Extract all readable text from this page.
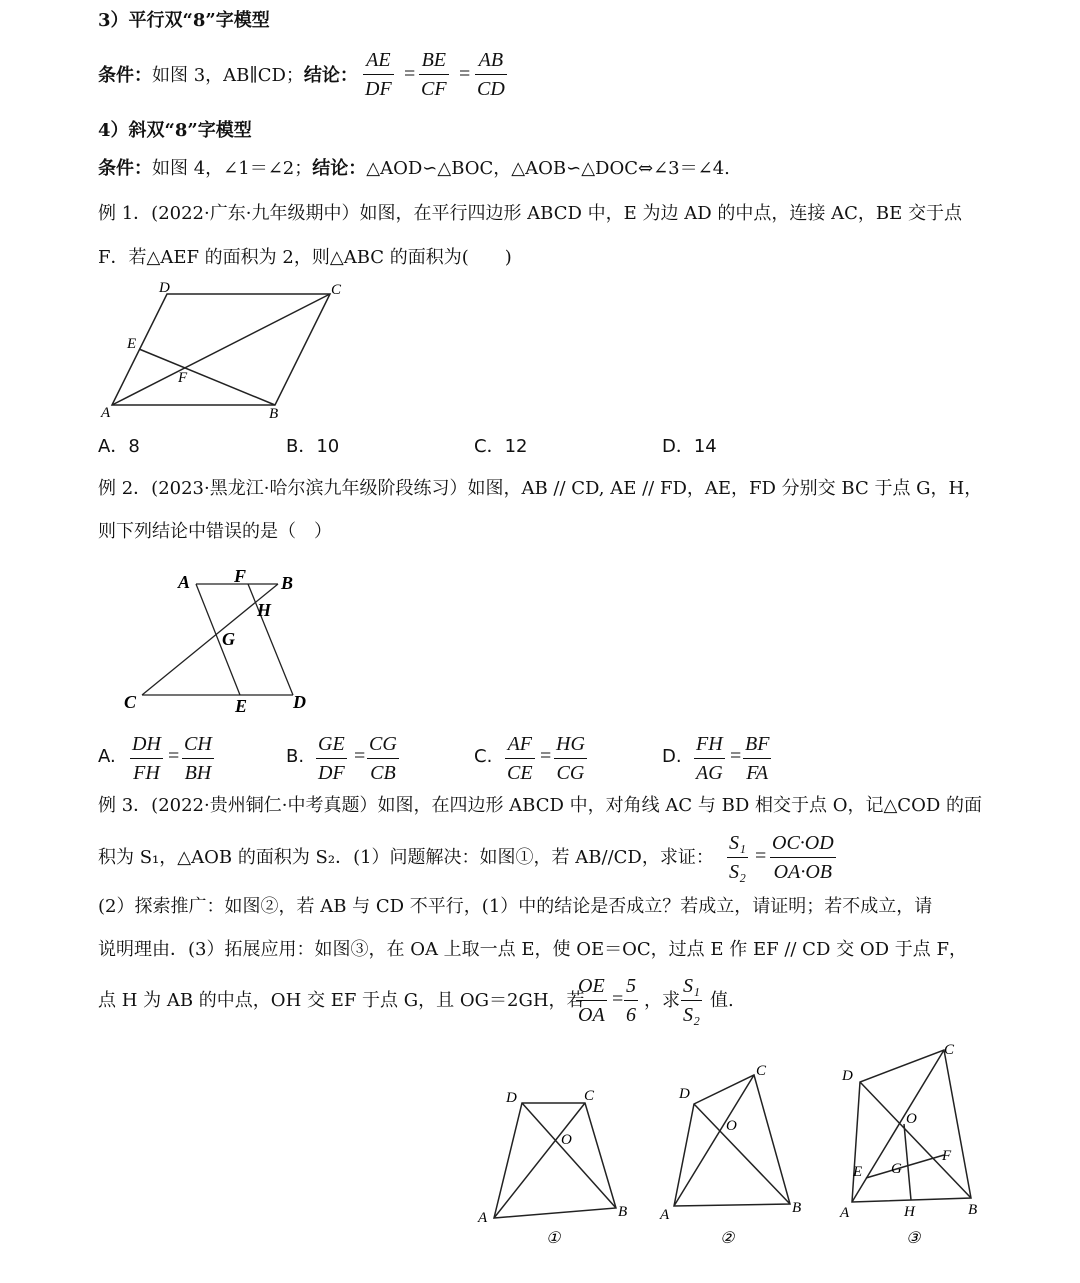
3）平行双“8”字模型
条件：如图 3，AB∥CD；结论：
AE
DF
=
BE
CF
=
AB
CD
4）斜双“8”字模型
条件：如图 4，∠1＝∠2；结论：△AOD∽△BOC，△AOB∽△DOC⇔∠3＝∠4.
例 1．(2022·广东·九年级期中）如图，在平行四边形 ABCD 中，E 为边 AD 的中点，连接 AC，BE 交于点
F．若△AEF 的面积为 2，则△ABC 的面积为(　　)
A	B
C
D
E
F
A．8	B．10	C．12	D．14
例 2．(2023·黑龙江·哈尔滨九年级阶段练习）如图，AB // CD, AE // FD，AE，FD 分别交 BC 于点 G，H，
则下列结论中错误的是（　）
A F B
H
G
C	E	D
A.
DH
FH
=
CH
BH
B.
GE
DF
=
CG
CB
C.
AF
CE
=
HG
CG
D.
FH
AG
=
BF
FA
例 3．(2022·贵州铜仁·中考真题）如图，在四边形 ABCD 中，对角线 AC 与 BD 相交于点 O，记△COD 的面
积为 S₁，△AOB 的面积为 S₂．(1）问题解决：如图①，若 AB//CD，求证：
S₁
S₂
=
OC·OD
OA·OB
(2）探索推广：如图②，若 AB 与 CD 不平行，(1）中的结论是否成立？若成立，请证明；若不成立，请
说明理由．(3）拓展应用：如图③，在 OA 上取一点 E，使 OE＝OC，过点 E 作 EF // CD 交 OD 于点 F，
点 H 为 AB 的中点，OH 交 EF 于点 G，且 OG＝2GH，若
OE
OA
=
5
6
，求
S₁
S₂
值.
A	B
C
D
O
①
A	B
C
D
O
②
A	B
C
D
O
E
F
G
H
③
